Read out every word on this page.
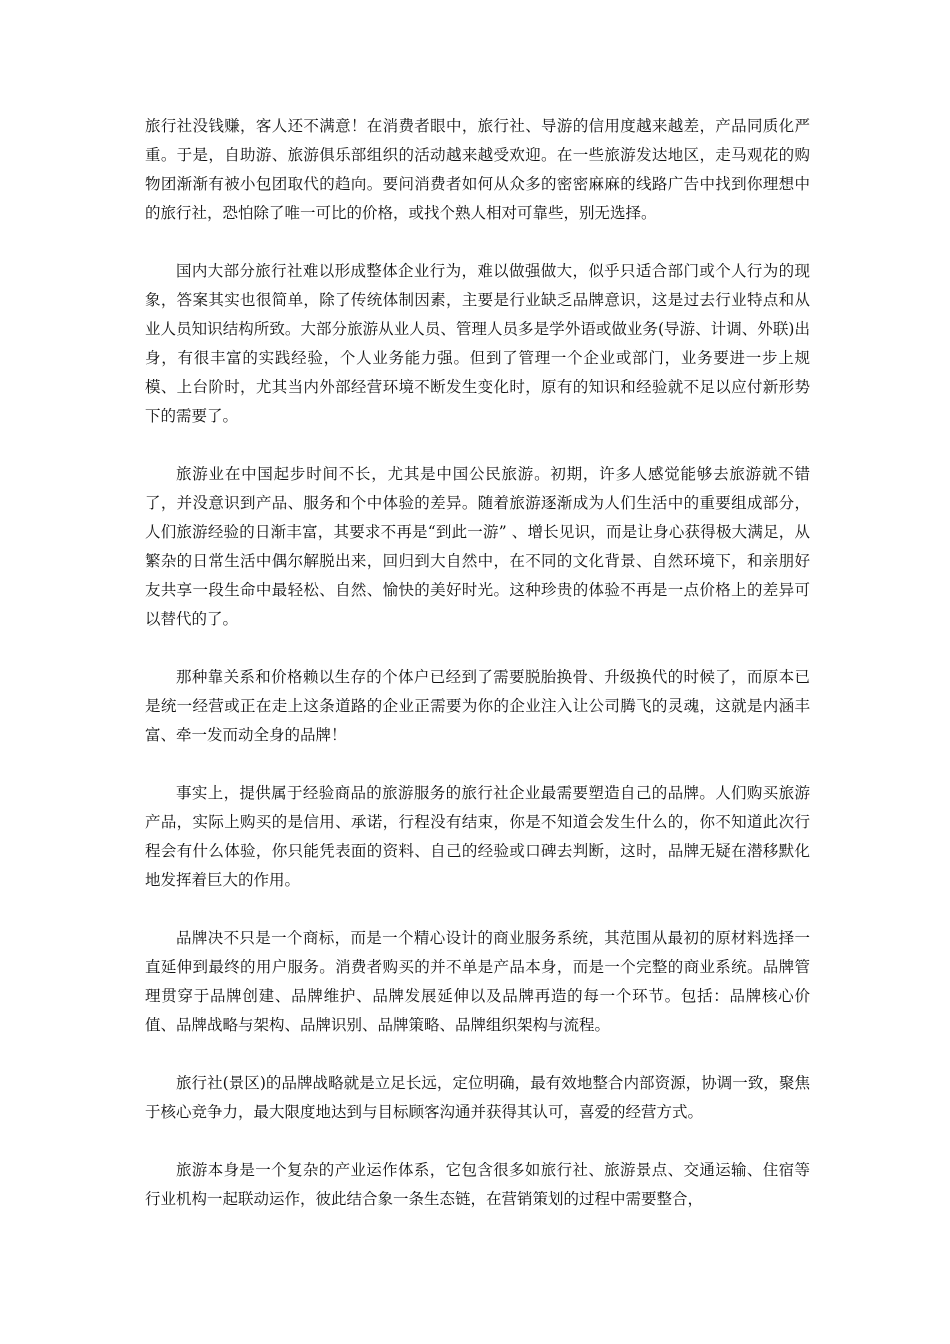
旅行社没钱赚，客人还不满意！在消费者眼中，旅行社、导游的信用度越来越差，产品同质化严重。于是，自助游、旅游俱乐部组织的活动越来越受欢迎。在一些旅游发达地区，走马观花的购物团渐渐有被小包团取代的趋向。要问消费者如何从众多的密密麻麻的线路广告中找到你理想中的旅行社，恐怕除了唯一可比的价格，或找个熟人相对可靠些，别无选择。

国内大部分旅行社难以形成整体企业行为，难以做强做大，似乎只适合部门或个人行为的现象，答案其实也很简单，除了传统体制因素，主要是行业缺乏品牌意识，这是过去行业特点和从业人员知识结构所致。大部分旅游从业人员、管理人员多是学外语或做业务(导游、计调、外联)出身，有很丰富的实践经验，个人业务能力强。但到了管理一个企业或部门，业务要进一步上规模、上台阶时，尤其当内外部经营环境不断发生变化时，原有的知识和经验就不足以应付新形势下的需要了。

旅游业在中国起步时间不长，尤其是中国公民旅游。初期，许多人感觉能够去旅游就不错了，并没意识到产品、服务和个中体验的差异。随着旅游逐渐成为人们生活中的重要组成部分，人们旅游经验的日渐丰富，其要求不再是“到此一游” 、增长见识，而是让身心获得极大满足，从繁杂的日常生活中偶尔解脱出来，回归到大自然中，在不同的文化背景、自然环境下，和亲朋好友共享一段生命中最轻松、自然、愉快的美好时光。这种珍贵的体验不再是一点价格上的差异可以替代的了。

那种靠关系和价格赖以生存的个体户已经到了需要脱胎换骨、升级换代的时候了，而原本已是统一经营或正在走上这条道路的企业正需要为你的企业注入让公司腾飞的灵魂，这就是内涵丰富、牵一发而动全身的品牌！

事实上，提供属于经验商品的旅游服务的旅行社企业最需要塑造自己的品牌。人们购买旅游产品，实际上购买的是信用、承诺，行程没有结束，你是不知道会发生什么的，你不知道此次行程会有什么体验，你只能凭表面的资料、自己的经验或口碑去判断，这时，品牌无疑在潜移默化地发挥着巨大的作用。

品牌决不只是一个商标，而是一个精心设计的商业服务系统，其范围从最初的原材料选择一直延伸到最终的用户服务。消费者购买的并不单是产品本身，而是一个完整的商业系统。品牌管理贯穿于品牌创建、品牌维护、品牌发展延伸以及品牌再造的每一个环节。包括：品牌核心价值、品牌战略与架构、品牌识别、品牌策略、品牌组织架构与流程。

旅行社(景区)的品牌战略就是立足长远，定位明确，最有效地整合内部资源，协调一致，聚焦于核心竞争力，最大限度地达到与目标顾客沟通并获得其认可，喜爱的经营方式。

旅游本身是一个复杂的产业运作体系，它包含很多如旅行社、旅游景点、交通运输、住宿等行业机构一起联动运作，彼此结合象一条生态链，在营销策划的过程中需要整合，
